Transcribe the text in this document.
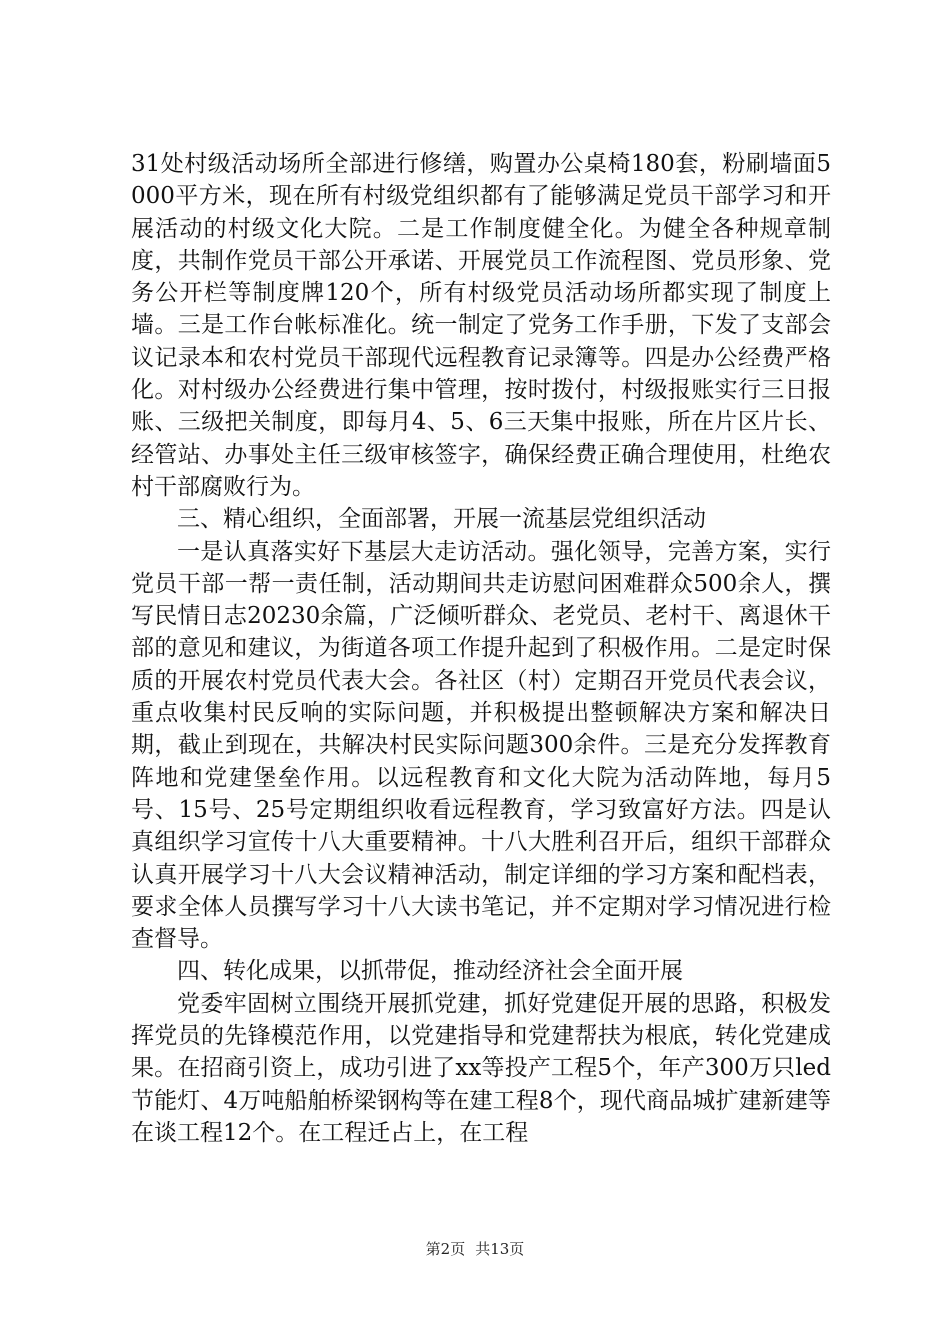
31处村级活动场所全部进行修缮，购置办公桌椅180套，粉刷墙面5000平方米，现在所有村级党组织都有了能够满足党员干部学习和开展活动的村级文化大院。二是工作制度健全化。为健全各种规章制度，共制作党员干部公开承诺、开展党员工作流程图、党员形象、党务公开栏等制度牌120个，所有村级党员活动场所都实现了制度上墙。三是工作台帐标准化。统一制定了党务工作手册，下发了支部会议记录本和农村党员干部现代远程教育记录簿等。四是办公经费严格化。对村级办公经费进行集中管理，按时拨付，村级报账实行三日报账、三级把关制度，即每月4、5、6三天集中报账，所在片区片长、经管站、办事处主任三级审核签字，确保经费正确合理使用，杜绝农村干部腐败行为。

三、精心组织，全面部署，开展一流基层党组织活动

一是认真落实好下基层大走访活动。强化领导，完善方案，实行党员干部一帮一责任制，活动期间共走访慰问困难群众500余人，撰写民情日志20230余篇，广泛倾听群众、老党员、老村干、离退休干部的意见和建议，为街道各项工作提升起到了积极作用。二是定时保质的开展农村党员代表大会。各社区（村）定期召开党员代表会议，重点收集村民反响的实际问题，并积极提出整顿解决方案和解决日期，截止到现在，共解决村民实际问题300余件。三是充分发挥教育阵地和党建堡垒作用。以远程教育和文化大院为活动阵地，每月5号、15号、25号定期组织收看远程教育，学习致富好方法。四是认真组织学习宣传十八大重要精神。十八大胜利召开后，组织干部群众认真开展学习十八大会议精神活动，制定详细的学习方案和配档表，要求全体人员撰写学习十八大读书笔记，并不定期对学习情况进行检查督导。

四、转化成果，以抓带促，推动经济社会全面开展

党委牢固树立围绕开展抓党建，抓好党建促开展的思路，积极发挥党员的先锋模范作用，以党建指导和党建帮扶为根底，转化党建成果。在招商引资上，成功引进了xx等投产工程5个，年产300万只led节能灯、4万吨船舶桥梁钢构等在建工程8个，现代商品城扩建新建等在谈工程12个。在工程迁占上，在工程

第2页 共13页
